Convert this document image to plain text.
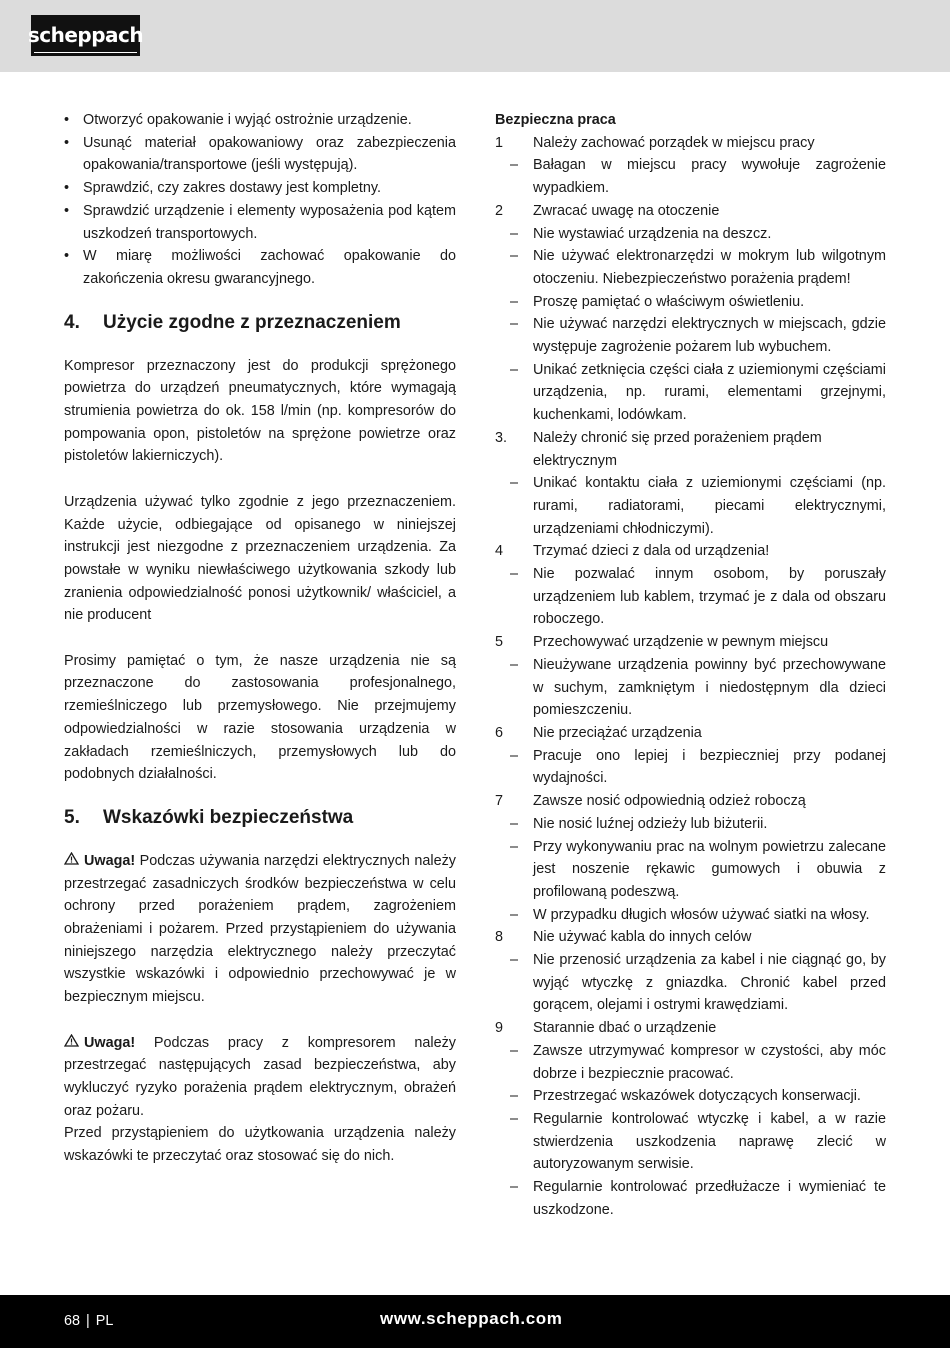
scheppach
• Otworzyć opakowanie i wyjąć ostrożnie urządzenie.
• Usunąć materiał opakowaniowy oraz zabezpieczenia opakowania/transportowe (jeśli występują).
• Sprawdzić, czy zakres dostawy jest kompletny.
• Sprawdzić urządzenie i elementy wyposażenia pod kątem uszkodzeń transportowych.
• W miarę możliwości zachować opakowanie do zakończenia okresu gwarancyjnego.
4.	Użycie zgodne z przeznaczeniem

Kompresor przeznaczony jest do produkcji sprężonego powietrza do urządzeń pneumatycznych, które wymagają strumienia powietrza do ok. 158 l/min (np. kompresorów do pompowania opon, pistoletów na sprężone powietrze oraz pistoletów lakierniczych).

Urządzenia używać tylko zgodnie z jego przeznaczeniem. Każde użycie, odbiegające od opisanego w niniejszej instrukcji jest niezgodne z przeznaczeniem urządzenia. Za powstałe w wyniku niewłaściwego użytkowania szkody lub zranienia odpowiedzialność ponosi użytkownik/ właściciel, a nie producent

Prosimy pamiętać o tym, że nasze urządzenia nie są przeznaczone do zastosowania profesjonalnego, rzemieślniczego lub przemysłowego. Nie przejmujemy odpowiedzialności w razie stosowania urządzenia w zakładach rzemieślniczych, przemysłowych lub do podobnych działalności.

5.	Wskazówki bezpieczeństwa

Uwaga! Podczas używania narzędzi elektrycznych należy przestrzegać zasadniczych środków bezpieczeństwa w celu ochrony przed porażeniem prądem, zagrożeniem obrażeniami i pożarem. Przed przystąpieniem do używania niniejszego narzędzia elektrycznego należy przeczytać wszystkie wskazówki i odpowiednio przechowywać je w bezpiecznym miejscu.

Uwaga! Podczas pracy z kompresorem należy przestrzegać następujących zasad bezpieczeństwa, aby wykluczyć ryzyko porażenia prądem elektrycznym, obrażeń oraz pożaru.

Przed przystąpieniem do użytkowania urządzenia należy wskazówki te przeczytać oraz stosować się do nich.

Bezpieczna praca
1	Należy zachować porządek w miejscu pracy
–	Bałagan w miejscu pracy wywołuje zagrożenie wypadkiem.
2	Zwracać uwagę na otoczenie
–	Nie wystawiać urządzenia na deszcz.
–	Nie używać elektronarzędzi w mokrym lub wilgotnym otoczeniu. Niebezpieczeństwo porażenia prądem!
–	Proszę pamiętać o właściwym oświetleniu.
–	Nie używać narzędzi elektrycznych w miejscach, gdzie występuje zagrożenie pożarem lub wybuchem.
–	Unikać zetknięcia części ciała z uziemionymi częściami urządzenia, np. rurami, elementami grzejnymi, kuchenkami, lodówkam.
3.	Należy chronić się przed porażeniem prądem elektrycznym
–	Unikać kontaktu ciała z uziemionymi częściami (np. rurami, radiatorami, piecami elektrycznymi, urządzeniami chłodniczymi).
4	Trzymać dzieci z dala od urządzenia!
–	Nie pozwalać innym osobom, by poruszały urządzeniem lub kablem, trzymać je z dala od obszaru roboczego.
5	Przechowywać urządzenie w pewnym miejscu
–	Nieużywane urządzenia powinny być przechowywane w suchym, zamkniętym i niedostępnym dla dzieci pomieszczeniu.
6	Nie przeciążać urządzenia
–	Pracuje ono lepiej i bezpieczniej przy podanej wydajności.
7	Zawsze nosić odpowiednią odzież roboczą
–	Nie nosić luźnej odzieży lub biżuterii.
–	Przy wykonywaniu prac na wolnym powietrzu zalecane jest noszenie rękawic gumowych i obuwia z profilowaną podeszwą.
–	W przypadku długich włosów używać siatki na włosy.
8	Nie używać kabla do innych celów
–	Nie przenosić urządzenia za kabel i nie ciągnąć go, by wyjąć wtyczkę z gniazdka. Chronić kabel przed gorącem, olejami i ostrymi krawędziami.
9	Starannie dbać o urządzenie
–	Zawsze utrzymywać kompresor w czystości, aby móc dobrze i bezpiecznie pracować.
–	Przestrzegać wskazówek dotyczących konserwacji.
–	Regularnie kontrolować wtyczkę i kabel, a w razie stwierdzenia uszkodzenia naprawę zlecić w autoryzowanym serwisie.
–	Regularnie kontrolować przedłużacze i wymieniać te uszkodzone.
68 | PL	www.scheppach.com
